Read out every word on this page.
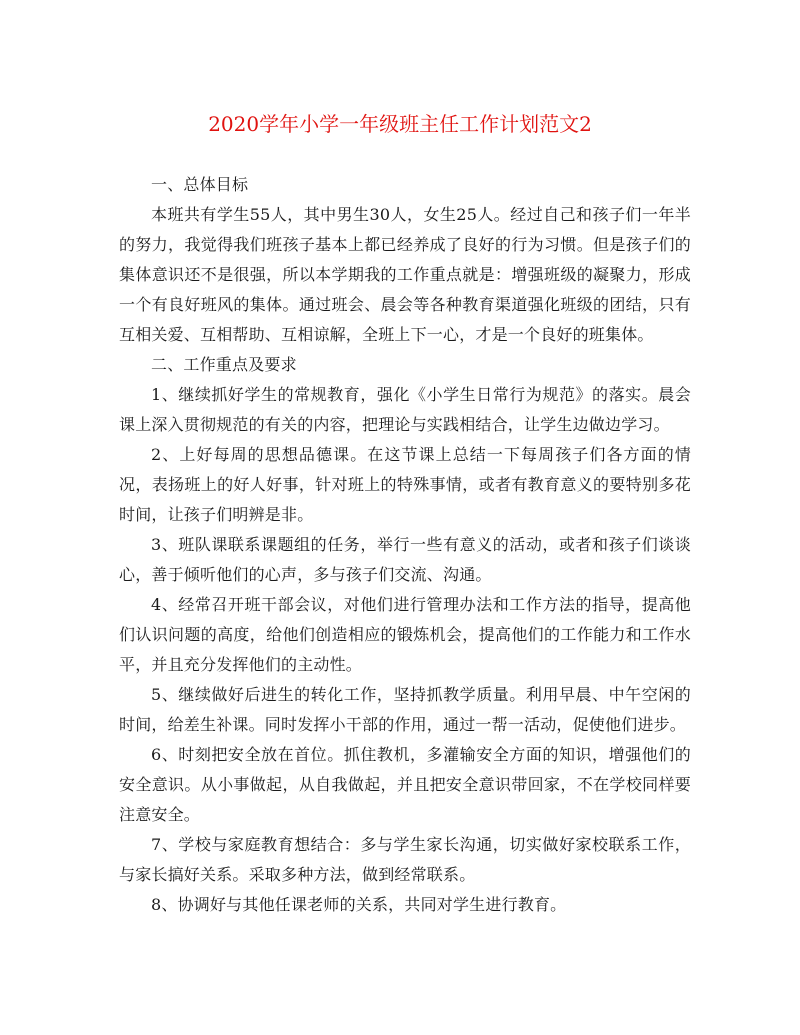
2020学年小学一年级班主任工作计划范文2

一、总体目标

本班共有学生55人，其中男生30人，女生25人。经过自己和孩子们一年半的努力，我觉得我们班孩子基本上都已经养成了良好的行为习惯。但是孩子们的集体意识还不是很强，所以本学期我的工作重点就是：增强班级的凝聚力，形成一个有良好班风的集体。通过班会、晨会等各种教育渠道强化班级的团结，只有互相关爱、互相帮助、互相谅解，全班上下一心，才是一个良好的班集体。

二、工作重点及要求

1、继续抓好学生的常规教育，强化《小学生日常行为规范》的落实。晨会课上深入贯彻规范的有关的内容，把理论与实践相结合，让学生边做边学习。

2、上好每周的思想品德课。在这节课上总结一下每周孩子们各方面的情况，表扬班上的好人好事，针对班上的特殊事情，或者有教育意义的要特别多花时间，让孩子们明辨是非。

3、班队课联系课题组的任务，举行一些有意义的活动，或者和孩子们谈谈心，善于倾听他们的心声，多与孩子们交流、沟通。

4、经常召开班干部会议，对他们进行管理办法和工作方法的指导，提高他们认识问题的高度，给他们创造相应的锻炼机会，提高他们的工作能力和工作水平，并且充分发挥他们的主动性。

5、继续做好后进生的转化工作，坚持抓教学质量。利用早晨、中午空闲的时间，给差生补课。同时发挥小干部的作用，通过一帮一活动，促使他们进步。

6、时刻把安全放在首位。抓住教机，多灌输安全方面的知识，增强他们的安全意识。从小事做起，从自我做起，并且把安全意识带回家，不在学校同样要注意安全。

7、学校与家庭教育想结合：多与学生家长沟通，切实做好家校联系工作，与家长搞好关系。采取多种方法，做到经常联系。

8、协调好与其他任课老师的关系，共同对学生进行教育。
